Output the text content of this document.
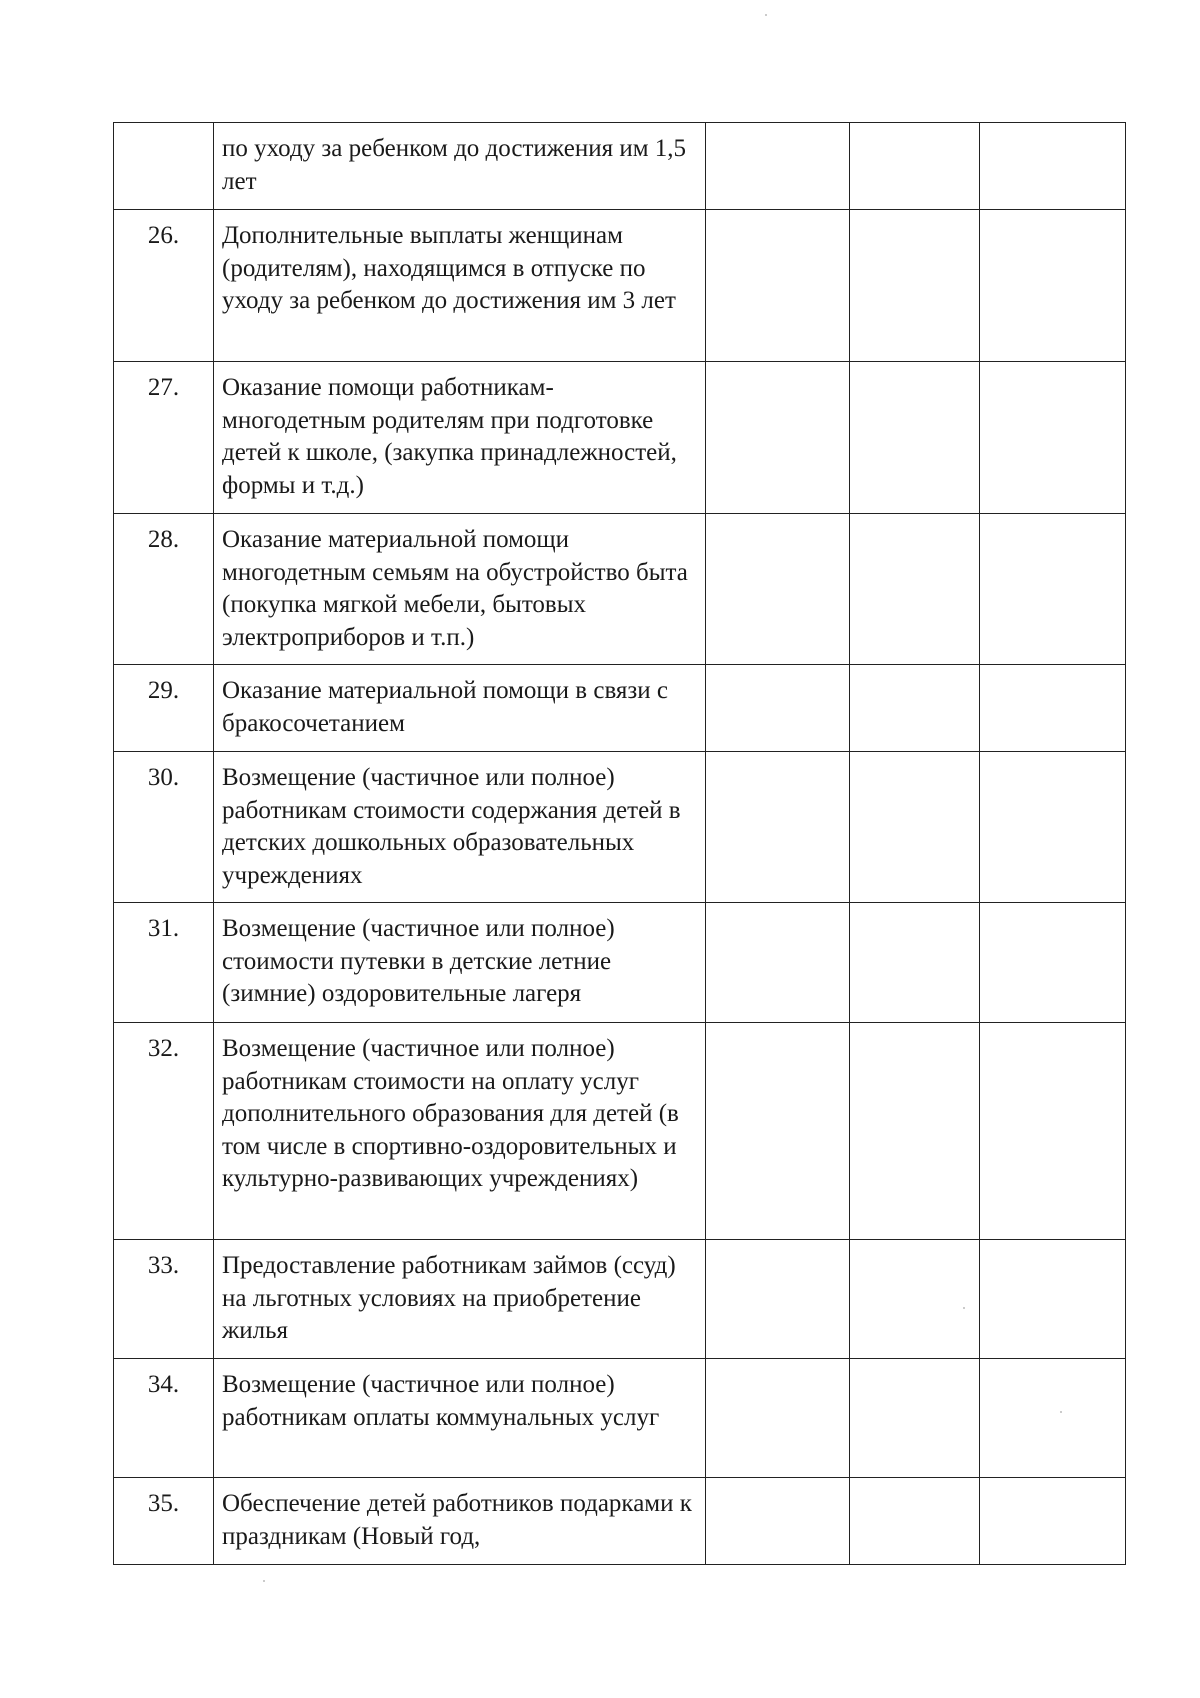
	по уходу за ребенком до достижения им 1,5 лет			
26.	Дополнительные выплаты женщинам (родителям), находящимся в отпуске по уходу за ребенком до достижения им 3 лет			
27.	Оказание помощи работникам-многодетным родителям при подготовке детей к школе, (закупка принадлежностей, формы и т.д.)			
28.	Оказание материальной помощи многодетным семьям на обустройство быта (покупка мягкой мебели, бытовых электроприборов и т.п.)			
29.	Оказание материальной помощи в связи с бракосочетанием			
30.	Возмещение (частичное или полное) работникам стоимости содержания детей в детских дошкольных образовательных учреждениях			
31.	Возмещение (частичное или полное) стоимости путевки в детские летние (зимние) оздоровительные лагеря			
32.	Возмещение (частичное или полное) работникам стоимости на оплату услуг дополнительного образования для детей (в том числе в спортивно-оздоровительных и культурно-развивающих учреждениях)			
33.	Предоставление работникам займов (ссуд) на льготных условиях на приобретение жилья			
34.	Возмещение (частичное или полное) работникам оплаты коммунальных услуг			
35.	Обеспечение детей работников подарками к праздникам (Новый год,			
